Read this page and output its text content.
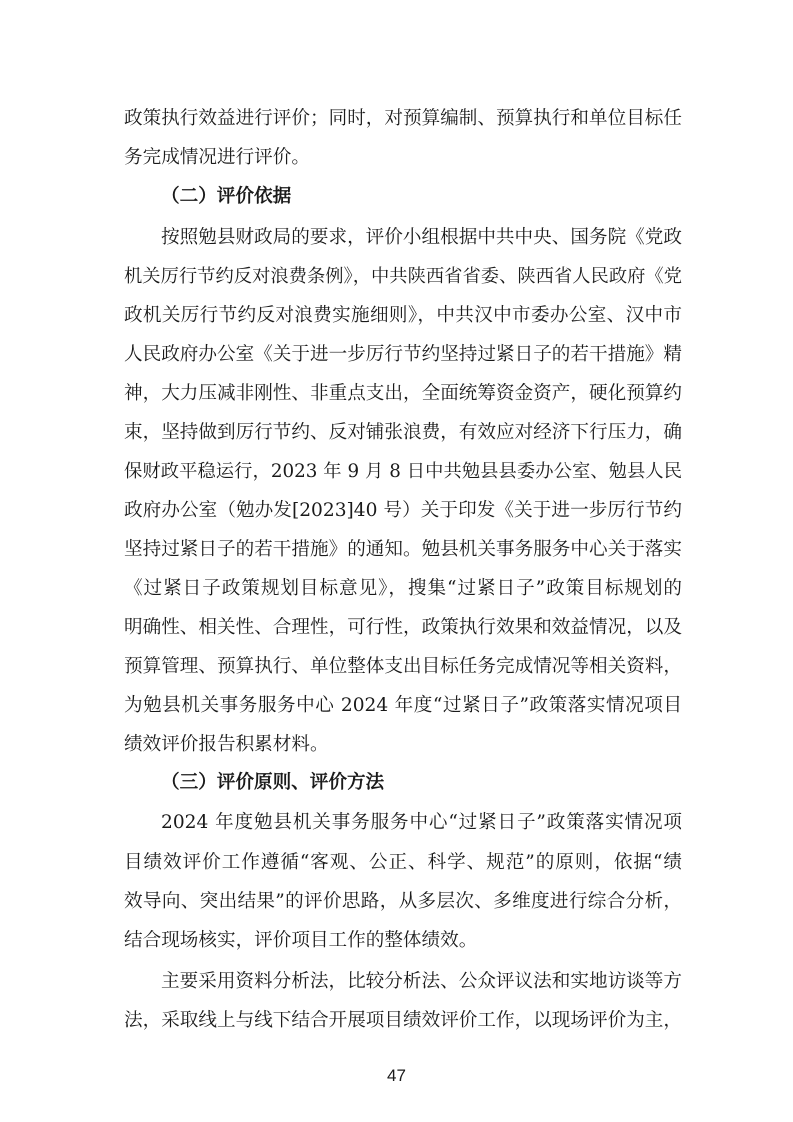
政策执行效益进行评价；同时，对预算编制、预算执行和单位目标任
务完成情况进行评价。
（二）评价依据
按照勉县财政局的要求，评价小组根据中共中央、国务院《党政
机关厉行节约反对浪费条例》，中共陕西省省委、陕西省人民政府《党
政机关厉行节约反对浪费实施细则》，中共汉中市委办公室、汉中市
人民政府办公室《关于进一步厉行节约坚持过紧日子的若干措施》精
神，大力压减非刚性、非重点支出，全面统筹资金资产，硬化预算约
束，坚持做到厉行节约、反对铺张浪费，有效应对经济下行压力，确
保财政平稳运行，2023 年 9 月 8 日中共勉县县委办公室、勉县人民
政府办公室（勉办发[2023]40 号）关于印发《关于进一步厉行节约
坚持过紧日子的若干措施》的通知。勉县机关事务服务中心关于落实
《过紧日子政策规划目标意见》，搜集“过紧日子”政策目标规划的
明确性、相关性、合理性，可行性，政策执行效果和效益情况，以及
预算管理、预算执行、单位整体支出目标任务完成情况等相关资料，
为勉县机关事务服务中心 2024 年度“过紧日子”政策落实情况项目
绩效评价报告积累材料。
（三）评价原则、评价方法
2024 年度勉县机关事务服务中心“过紧日子”政策落实情况项
目绩效评价工作遵循“客观、公正、科学、规范”的原则，依据“绩
效导向、突出结果”的评价思路，从多层次、多维度进行综合分析，
结合现场核实，评价项目工作的整体绩效。
主要采用资料分析法，比较分析法、公众评议法和实地访谈等方
法，采取线上与线下结合开展项目绩效评价工作，以现场评价为主，
47
